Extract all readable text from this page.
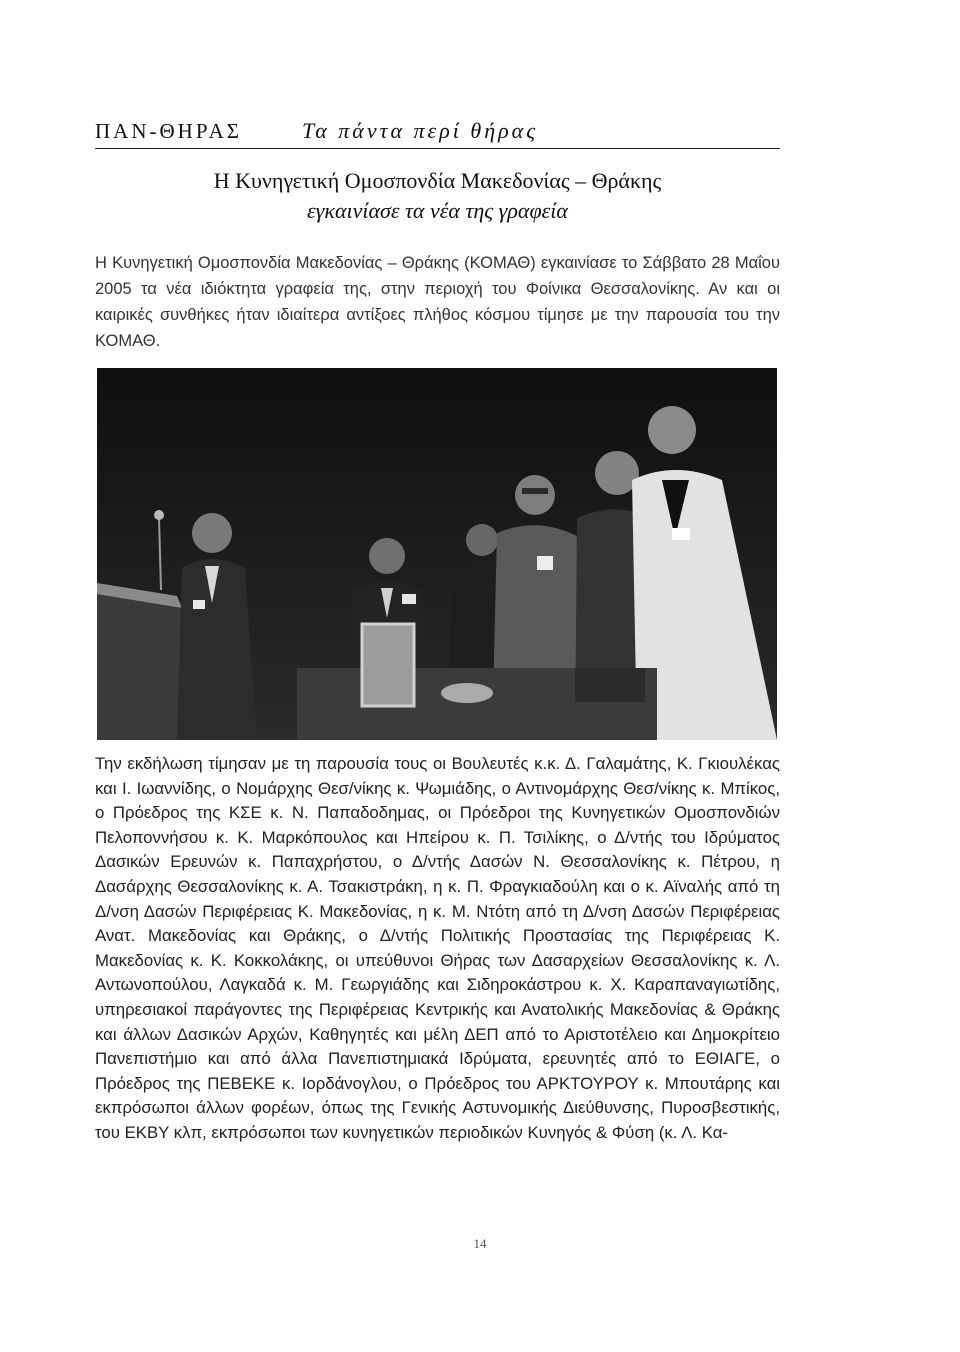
ΠΑΝ-ΘΗΡΑΣ	Τα πάντα περί θήρας
Η Κυνηγετική Ομοσπονδία Μακεδονίας – Θράκης
εγκαινίασε τα νέα της γραφεία

Η Κυνηγετική Ομοσπονδία Μακεδονίας – Θράκης (ΚΟΜΑΘ) εγκαινίασε το Σάββατο 28 Μαΐου 2005 τα νέα ιδιόκτητα γραφεία της, στην περιοχή του Φοίνικα Θεσσαλονίκης. Αν και οι καιρικές συνθήκες ήταν ιδιαίτερα αντίξοες πλήθος κόσμου τίμησε με την παρουσία του την ΚΟΜΑΘ.

Την εκδήλωση τίμησαν με τη παρουσία τους οι Βουλευτές κ.κ. Δ. Γαλαμάτης, Κ. Γκιουλέκας και Ι. Ιωαννίδης, ο Νομάρχης Θεσ/νίκης κ. Ψωμιάδης, ο Αντινομάρχης Θεσ/νίκης κ. Μπίκος, ο Πρόεδρος της ΚΣΕ κ. Ν. Παπαδοδημας, οι Πρόεδροι της Κυνηγετικών Ομοσπονδιών Πελοποννήσου κ. Κ. Μαρκόπουλος και Ηπείρου κ. Π. Τσιλίκης, ο Δ/ντής του Ιδρύματος Δασικών Ερευνών κ. Παπαχρήστου, ο Δ/ντής Δασών Ν. Θεσσαλονίκης κ. Πέτρου, η Δασάρχης Θεσσαλονίκης κ. Α. Τσακιστράκη, η κ. Π. Φραγκιαδούλη και ο κ. Αϊναλής από τη Δ/νση Δασών Περιφέρειας Κ. Μακεδονίας, η κ. Μ. Ντότη από τη Δ/νση Δασών Περιφέρειας Ανατ. Μακεδονίας και Θράκης, ο Δ/ντής Πολιτικής Προστασίας της Περιφέρειας Κ. Μακεδονίας κ. Κ. Κοκκολάκης, οι υπεύθυνοι Θήρας των Δασαρχείων Θεσσαλονίκης κ. Λ. Αντωνοπούλου, Λαγκαδά κ. Μ. Γεωργιάδης και Σιδηροκάστρου κ. Χ. Καραπαναγιωτίδης, υπηρεσιακοί παράγοντες της Περιφέρειας Κεντρικής και Ανατολικής Μακεδονίας & Θράκης και άλλων Δασικών Αρχών, Καθηγητές και μέλη ΔΕΠ από το Αριστοτέλειο και Δημοκρίτειο Πανεπιστήμιο και από άλλα Πανεπιστημιακά Ιδρύματα, ερευνητές από το ΕΘΙΑΓΕ, ο Πρόεδρος της ΠΕΒΕΚΕ κ. Ιορδάνογλου, ο Πρόεδρος του ΑΡΚΤΟΥΡΟΥ κ. Μπουτάρης και εκπρόσωποι άλλων φορέων, όπως της Γενικής Αστυνομικής Διεύθυνσης, Πυροσβεστικής, του ΕΚΒΥ κλπ, εκπρόσωποι των κυνηγετικών περιοδικών Κυνηγός & Φύση (κ. Λ. Κα-

14
